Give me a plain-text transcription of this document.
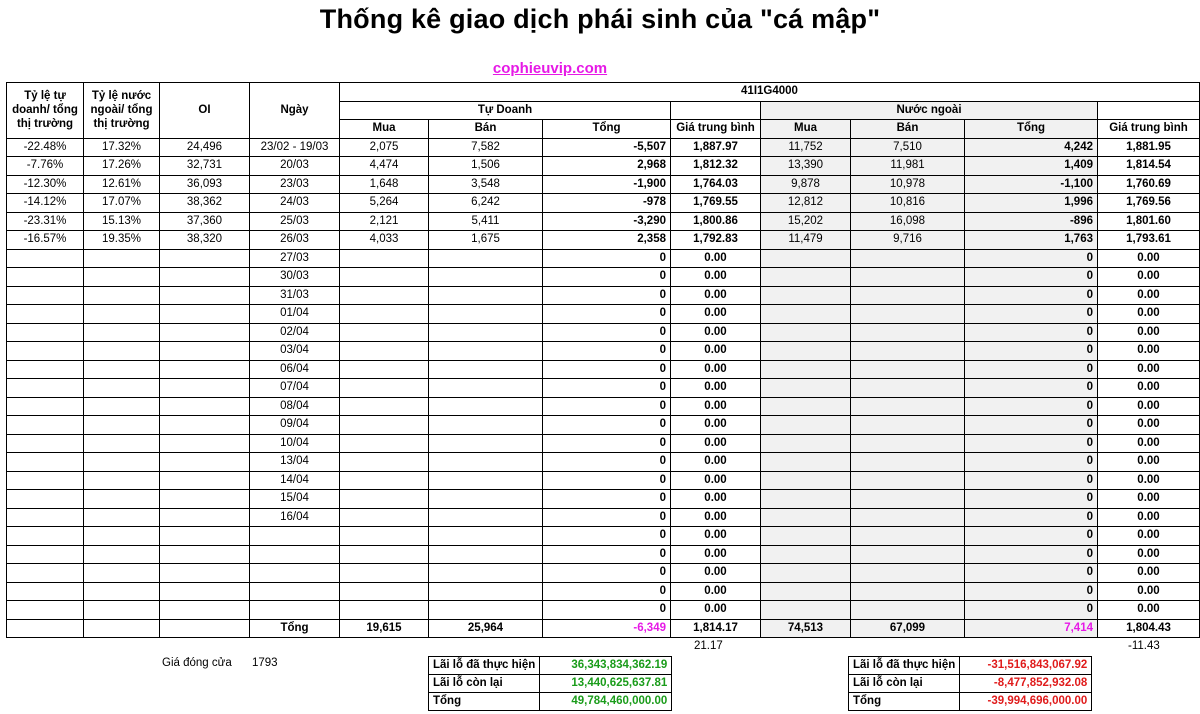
Thống kê giao dịch phái sinh của "cá mập"
cophieuvip.com
Tỷ lệ tự doanh/ tổng thị trường	Tỷ lệ nước ngoài/ tổng thị trường	OI	Ngày	41I1G4000							
				Tự Doanh				Nước ngoài			
				Mua	Bán	Tổng	Giá trung bình	Mua	Bán	Tổng	Giá trung bình
-22.48%	17.32%	24,496	23/02 - 19/03	2,075	7,582	-5,507	1,887.97	11,752	7,510	4,242	1,881.95
-7.76%	17.26%	32,731	20/03	4,474	1,506	2,968	1,812.32	13,390	11,981	1,409	1,814.54
-12.30%	12.61%	36,093	23/03	1,648	3,548	-1,900	1,764.03	9,878	10,978	-1,100	1,760.69
-14.12%	17.07%	38,362	24/03	5,264	6,242	-978	1,769.55	12,812	10,816	1,996	1,769.56
-23.31%	15.13%	37,360	25/03	2,121	5,411	-3,290	1,800.86	15,202	16,098	-896	1,801.60
-16.57%	19.35%	38,320	26/03	4,033	1,675	2,358	1,792.83	11,479	9,716	1,763	1,793.61
			27/03			0	0.00			0	0.00
			30/03			0	0.00			0	0.00
			31/03			0	0.00			0	0.00
			01/04			0	0.00			0	0.00
			02/04			0	0.00			0	0.00
			03/04			0	0.00			0	0.00
			06/04			0	0.00			0	0.00
			07/04			0	0.00			0	0.00
			08/04			0	0.00			0	0.00
			09/04			0	0.00			0	0.00
			10/04			0	0.00			0	0.00
			13/04			0	0.00			0	0.00
			14/04			0	0.00			0	0.00
			15/04			0	0.00			0	0.00
			16/04			0	0.00			0	0.00
						0	0.00			0	0.00
						0	0.00			0	0.00
						0	0.00			0	0.00
						0	0.00			0	0.00
						0	0.00			0	0.00
			Tổng	19,615	25,964	-6,349	1,814.17	74,513	67,099	7,414	1,804.43
21.17	-11.43
Giá đóng cửa 1793	Lãi lỗ đã thực hiện	36,343,834,362.19
Lãi lỗ còn lại	13,440,625,637.81
Tổng	49,784,460,000.00
Lãi lỗ đã thực hiện	-31,516,843,067.92
Lãi lỗ còn lại	-8,477,852,932.08
Tổng	-39,994,696,000.00
